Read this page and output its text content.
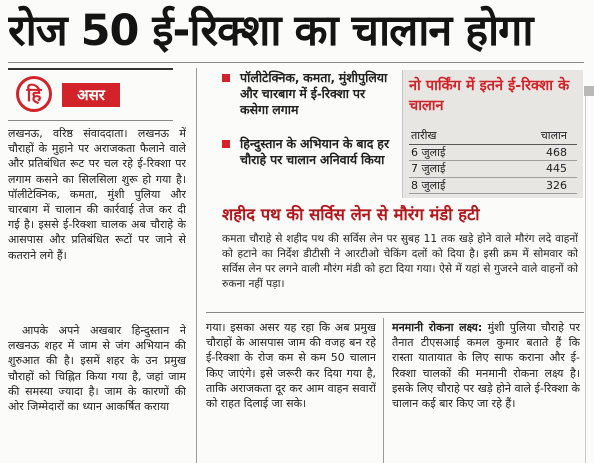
रोज 50 ई-रिक्शा का चालान होगा
हि	असर
लखनऊ, वरिष्ठ संवाददाता। लखनऊ में चौराहों के मुहाने पर अराजकता फैलाने वाले और प्रतिबंधित रूट पर चल रहे ई-रिक्शा पर लगाम कसने का सिलसिला शुरू हो गया है। पॉलीटेक्निक, कमता, मुंशी पुलिया और चारबाग में चालान की कार्रवाई तेज कर दी गई है। इससे ई-रिक्शा चालक अब चौराहे के आसपास और प्रतिबंधित रूटों पर जाने से कतराने लगे हैं।
आपके अपने अखबार हिन्दुस्तान ने लखनऊ शहर में जाम से जंग अभियान की शुरुआत की है। इसमें शहर के उन प्रमुख चौराहों को चिह्नित किया गया है, जहां जाम की समस्या ज्यादा है। जाम के कारणों की ओर जिम्मेदारों का ध्यान आकर्षित कराया
पॉलीटेक्निक, कमता, मुंशीपुलिया और चारबाग में ई-रिक्शा पर कसेगा लगाम
हिन्दुस्तान के अभियान के बाद हर चौराहे पर चालान अनिवार्य किया
नो पार्किंग में इतने ई-रिक्शा के चालान
तारीख	चालान
6 जुलाई	468
7 जुलाई	445
8 जुलाई	326
शहीद पथ की सर्विस लेन से मौरंग मंडी हटी
कमता चौराहे से शहीद पथ की सर्विस लेन पर सुबह 11 तक खड़े होने वाले मौरंग लदे वाहनों को हटाने का निर्देश डीटीसी ने आरटीओ चेकिंग दलों को दिया है। इसी क्रम में सोमवार को सर्विस लेन पर लगने वाली मौरंग मंडी को हटा दिया गया। ऐसे में यहां से गुजरने वाले वाहनों को रुकना नहीं पड़ा।
गया। इसका असर यह रहा कि अब प्रमुख चौराहों के आसपास जाम की वजह बन रहे ई-रिक्शा के रोज कम से कम 50 चालान किए जाएंगे। इसे जरूरी कर दिया गया है, ताकि अराजकता दूर कर आम वाहन सवारों को राहत दिलाई जा सके।
मनमानी रोकना लक्ष्य: मुंशी पुलिया चौराहे पर तैनात टीएसआई कमल कुमार बताते हैं कि रास्ता यातायात के लिए साफ कराना और ई-रिक्शा चालकों की मनमानी रोकना लक्ष्य है। इसके लिए चौराहे पर खड़े होने वाले ई-रिक्शा के चालान कई बार किए जा रहे हैं।
